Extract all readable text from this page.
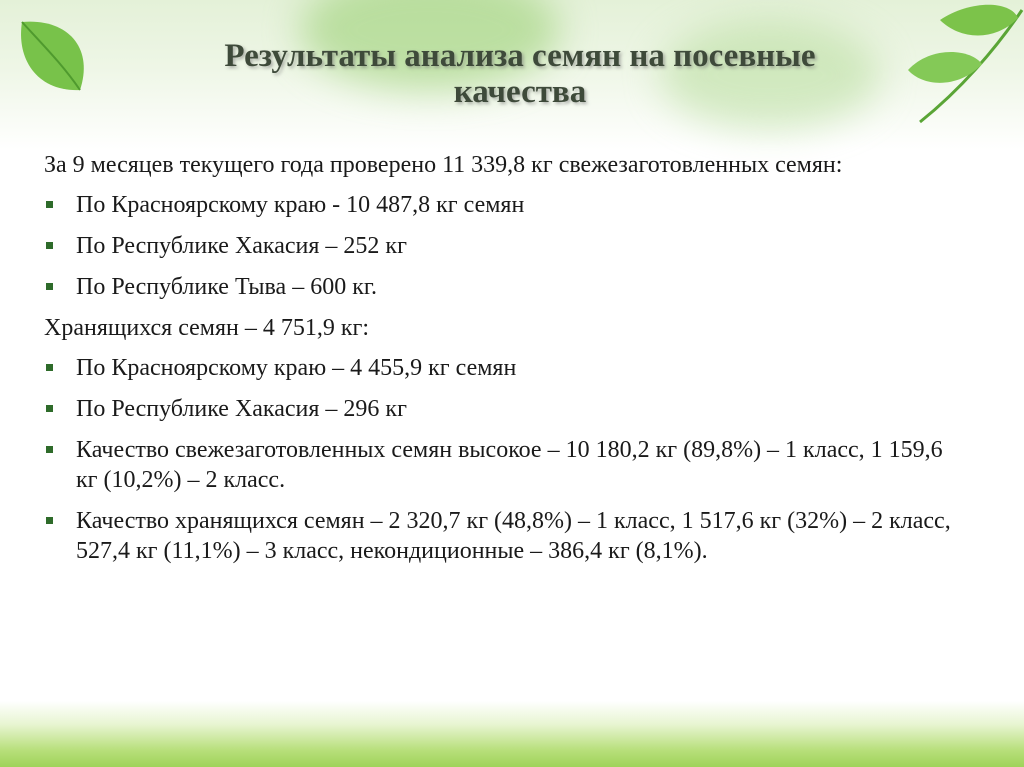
Результаты анализа семян на посевные
качества

За 9 месяцев текущего года проверено 11 339,8 кг свежезаготовленных семян:

По Красноярскому краю - 10 487,8 кг семян
По Республике Хакасия – 252 кг
По Республике Тыва – 600 кг.

Хранящихся семян – 4 751,9 кг:

По Красноярскому краю – 4 455,9 кг семян
По Республике Хакасия – 296 кг
Качество свежезаготовленных семян высокое – 10 180,2 кг (89,8%) – 1 класс, 1 159,6 кг (10,2%) – 2 класс.
Качество хранящихся семян – 2 320,7 кг (48,8%) – 1 класс, 1 517,6 кг (32%) – 2 класс, 527,4 кг (11,1%) – 3 класс, некондиционные – 386,4 кг (8,1%).
